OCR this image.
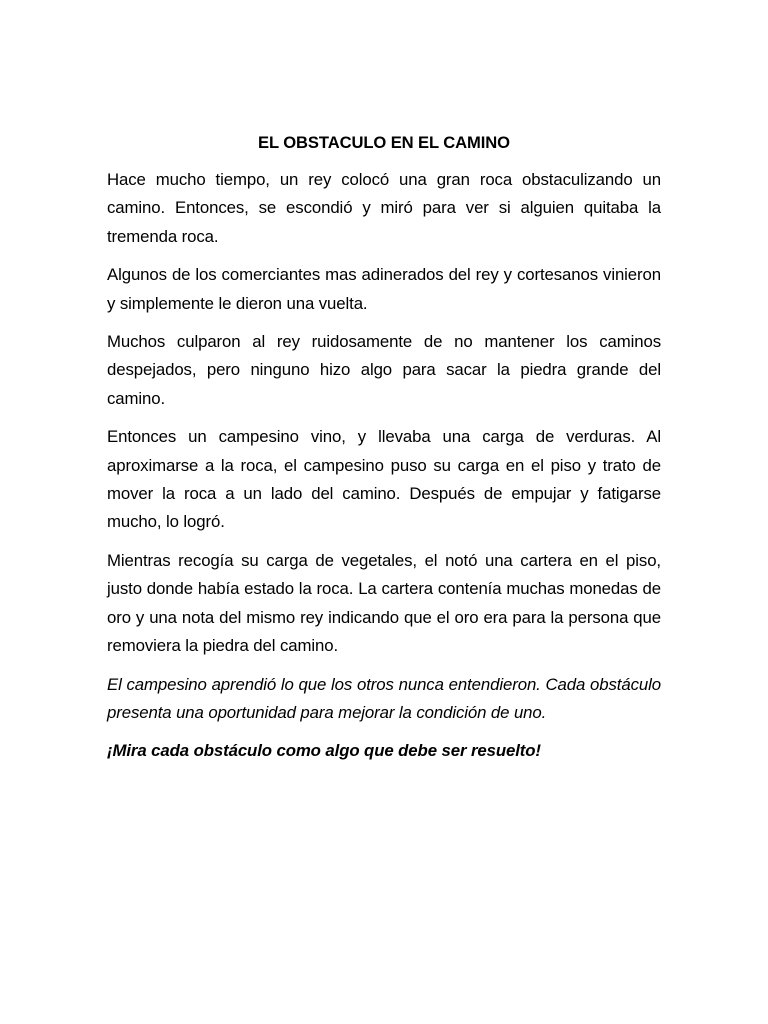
EL OBSTACULO EN EL CAMINO

Hace mucho tiempo, un rey colocó una gran roca obstaculizando un camino. Entonces, se escondió y miró para ver si alguien quitaba la tremenda roca.

Algunos de los comerciantes mas adinerados del rey y cortesanos vinieron y simplemente le dieron una vuelta.

Muchos culparon al rey ruidosamente de no mantener los caminos despejados, pero ninguno hizo algo para sacar la piedra grande del camino.

Entonces un campesino vino, y llevaba una carga de verduras. Al aproximarse a la roca, el campesino puso su carga en el piso y trato de mover la roca a un lado del camino. Después de empujar y fatigarse mucho, lo logró.

Mientras recogía su carga de vegetales, el notó una cartera en el piso, justo donde había estado la roca. La cartera contenía muchas monedas de oro y una nota del mismo rey indicando que el oro era para la persona que removiera la piedra del camino.

El campesino aprendió lo que los otros nunca entendieron. Cada obstáculo presenta una oportunidad para mejorar la condición de uno.

¡Mira cada obstáculo como algo que debe ser resuelto!
